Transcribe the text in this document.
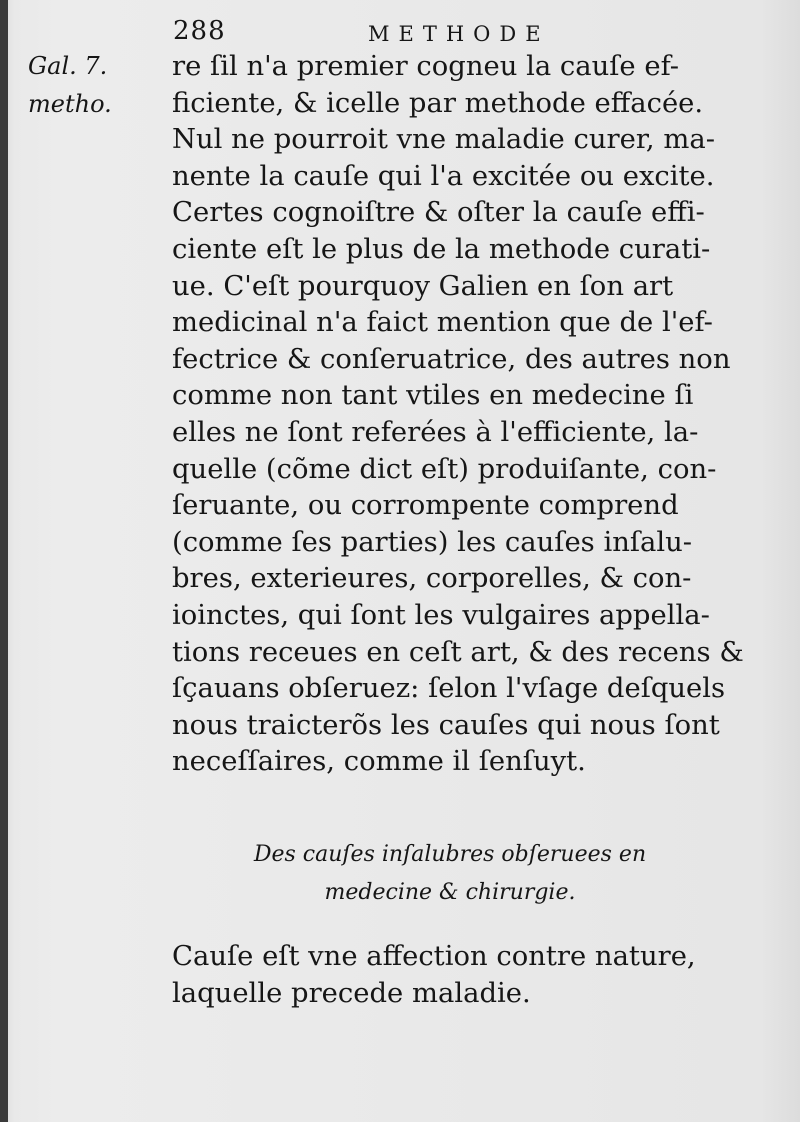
288	METHODE
Gal. 7.
metho.
re ſil n'a premier cogneu la cauſe ef-
ficiente, & icelle par methode effacée.
Nul ne pourroit vne maladie curer, ma-
nente la cauſe qui l'a excitée ou excite.
Certes cognoiſtre & oſter la cauſe effi-
ciente eſt le plus de la methode curati-
ue. C'eſt pourquoy Galien en ſon art
medicinal n'a faict mention que de l'ef-
fectrice & conſeruatrice, des autres non
comme non tant vtiles en medecine ſi
elles ne ſont referées à l'efficiente, la-
quelle (cõme dict eſt) produiſante, con-
ſeruante, ou corrompente comprend
(comme ſes parties) les cauſes inſalu-
bres, exterieures, corporelles, & con-
ioinctes, qui ſont les vulgaires appella-
tions receues en ceſt art, & des recens &
ſçauans obſeruez: ſelon l'vſage deſquels
nous traicterõs les cauſes qui nous ſont
neceſſaires, comme il ſenſuyt.
Des cauſes inſalubres obſeruees en
medecine & chirurgie.
Cauſe eſt vne affection contre nature,
laquelle precede maladie.
